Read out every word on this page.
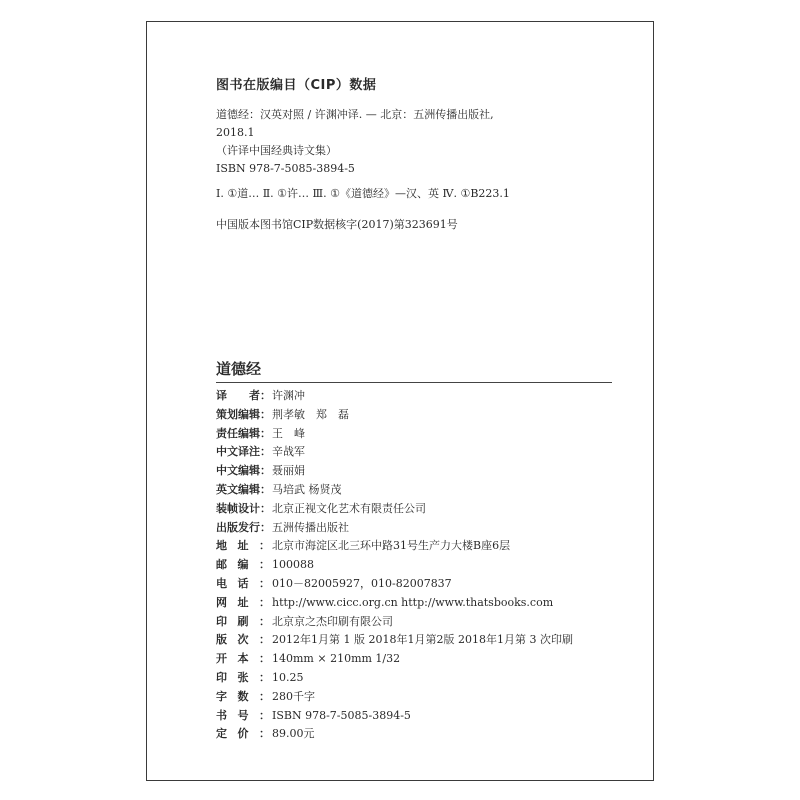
图书在版编目（CIP）数据
道德经：汉英对照 / 许渊冲译. — 北京：五洲传播出版社,
2018.1
（许译中国经典诗文集）
ISBN 978-7-5085-3894-5
Ⅰ. ①道… Ⅱ. ①许… Ⅲ. ①《道德经》—汉、英 Ⅳ. ①B223.1
中国版本图书馆CIP数据核字(2017)第323691号
道德经
译　　者： 许渊冲
策划编辑： 荆孝敏　郑　磊
责任编辑： 王　峰
中文译注： 辛战军
中文编辑： 聂丽娟
英文编辑： 马培武 杨贤茂
装帧设计： 北京正视文化艺术有限责任公司
出版发行： 五洲传播出版社
地址： 北京市海淀区北三环中路31号生产力大楼B座6层
邮编： 100088
电话： 010－82005927，010-82007837
网址： http://www.cicc.org.cn http://www.thatsbooks.com
印刷： 北京京之杰印刷有限公司
版次： 2012年1月第 1 版 2018年1月第2版 2018年1月第 3 次印刷
开本： 140mm × 210mm 1/32
印张： 10.25
字数： 280千字
书号： ISBN 978-7-5085-3894-5
定价： 89.00元
